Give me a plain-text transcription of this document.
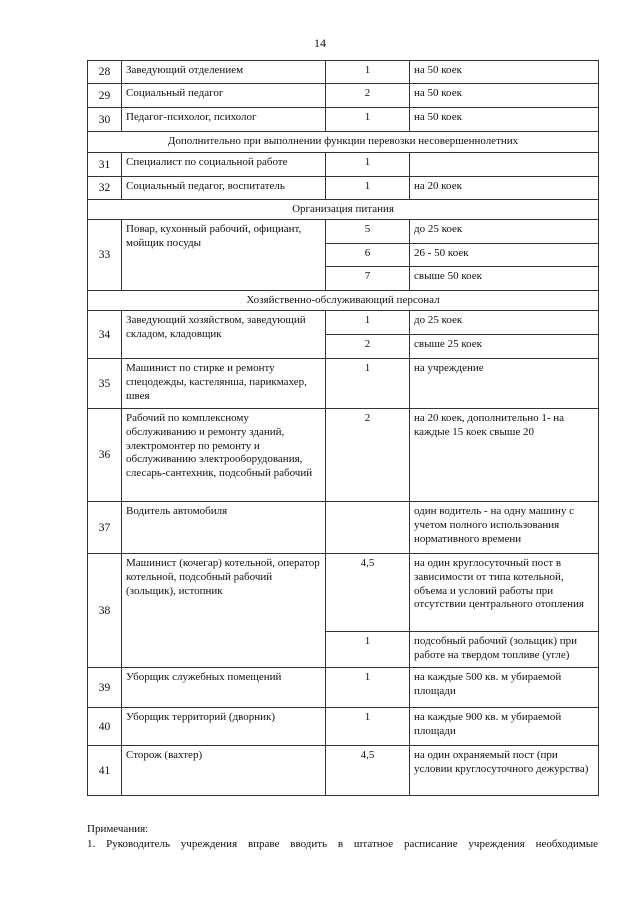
14
28	Заведующий отделением	1	на 50 коек
29	Социальный педагог	2	на 50 коек
30	Педагог-психолог, психолог	1	на 50 коек
Дополнительно при выполнении функции перевозки несовершеннолетних			
31	Специалист по социальной работе	1	
32	Социальный педагог, воспитатель	1	на 20 коек
Организация питания			
33	Повар, кухонный рабочий, официант, мойщик посуды	5	до 25 коек
		6	26 - 50 коек
		7	свыше 50 коек
Хозяйственно-обслуживающий персонал			
34	Заведующий хозяйством, заведующий складом, кладовщик	1	до 25 коек
		2	свыше 25 коек
35	Машинист по стирке и ремонту спецодежды, кастелянша, парикмахер, швея	1	на учреждение
36	Рабочий по комплексному обслуживанию и ремонту зданий, электромонтер по ремонту и обслуживанию электрооборудования, слесарь-сантехник, подсобный рабочий	2	на 20 коек, дополнительно 1- на каждые 15 коек свыше 20
37	Водитель автомобиля		один водитель - на одну машину с учетом полного использования нормативного времени
38	Машинист (кочегар) котельной, оператор котельной, подсобный рабочий (зольщик), истопник	4,5	на один круглосуточный пост в зависимости от типа котельной, объема и условий работы при отсутствии центрального отопления
		1	подсобный рабочий (зольщик) при работе на твердом топливе (угле)
39	Уборщик служебных помещений	1	на каждые 500 кв. м убираемой площади
40	Уборщик территорий (дворник)	1	на каждые 900 кв. м убираемой площади
41	Сторож (вахтер)	4,5	на один охраняемый пост (при условии круглосуточного дежурства)
Примечания:
1. Руководитель учреждения вправе вводить в штатное расписание учреждения необходимые
